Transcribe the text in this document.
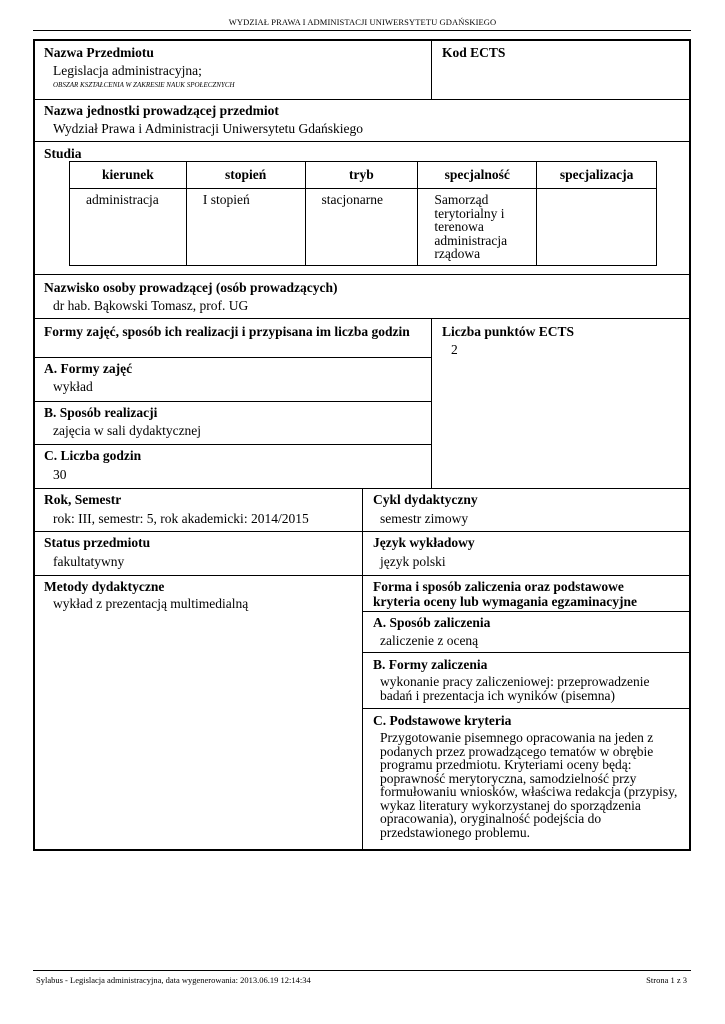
WYDZIAŁ PRAWA I ADMINISTACJI UNIWERSYTETU GDAŃSKIEGO
Nazwa Przedmiotu
Legislacja administracyjna;
OBSZAR KSZTAŁCENIA W ZAKRESIE NAUK SPOŁECZNYCH
Kod ECTS
Nazwa jednostki prowadzącej przedmiot
Wydział Prawa i Administracji Uniwersytetu Gdańskiego
Studia
kierunek	stopień	tryb	specjalność	specjalizacja
administracja	I stopień	stacjonarne	Samorząd terytorialny i terenowa administracja rządowa	
Nazwisko osoby prowadzącej (osób prowadzących)
dr hab. Bąkowski Tomasz, prof. UG
Formy zajęć, sposób ich realizacji i przypisana im liczba godzin
A. Formy zajęć
wykład
B. Sposób realizacji
zajęcia w sali dydaktycznej
C. Liczba godzin
30
Liczba punktów ECTS
2
Rok, Semestr
rok: III, semestr: 5, rok akademicki: 2014/2015
Cykl dydaktyczny
semestr zimowy
Status przedmiotu
fakultatywny
Język wykładowy
język polski
Metody dydaktyczne
wykład z prezentacją multimedialną
Forma i sposób zaliczenia oraz podstawowe kryteria oceny lub wymagania egzaminacyjne
A. Sposób zaliczenia
zaliczenie z oceną
B. Formy zaliczenia
wykonanie pracy zaliczeniowej: przeprowadzenie badań i prezentacja ich wyników (pisemna)
C. Podstawowe kryteria
Przygotowanie pisemnego opracowania na jeden z podanych przez prowadzącego tematów w obrębie programu przedmiotu. Kryteriami oceny będą: poprawność merytoryczna, samodzielność przy formułowaniu wniosków, właściwa redakcja (przypisy, wykaz literatury wykorzystanej do sporządzenia opracowania), oryginalność podejścia do przedstawionego problemu.
Sylabus - Legislacja administracyjna, data wygenerowania: 2013.06.19 12:14:34	Strona 1 z 3
